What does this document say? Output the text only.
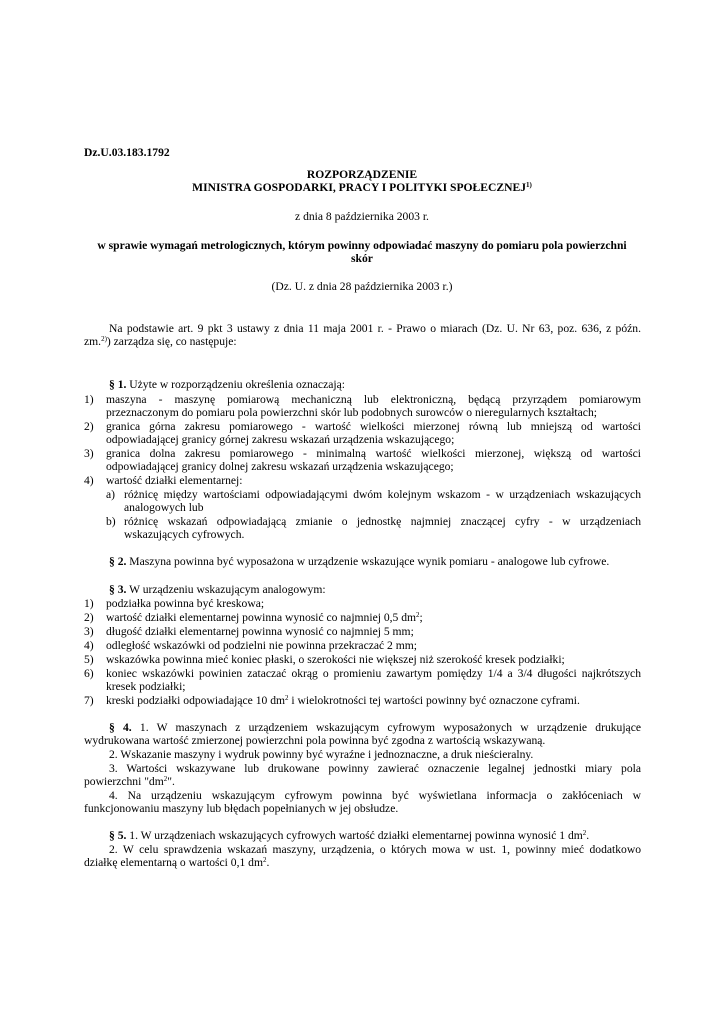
Dz.U.03.183.1792
ROZPORZĄDZENIE
MINISTRA GOSPODARKI, PRACY I POLITYKI SPOŁECZNEJ$^{1)}$
z dnia 8 października 2003 r.
w sprawie wymagań metrologicznych, którym powinny odpowiadać maszyny do pomiaru pola powierzchni
skór
(Dz. U. z dnia 28 października 2003 r.)
Na podstawie art. 9 pkt 3 ustawy z dnia 11 maja 2001 r. - Prawo o miarach (Dz. U. Nr 63, poz. 636, z późn.
zm.$^{2)}$) zarządza się, co następuje:
§ 1. Użyte w rozporządzeniu określenia oznaczają:
1) maszyna - maszynę pomiarową mechaniczną lub elektroniczną, będącą przyrządem pomiarowym
przeznaczonym do pomiaru pola powierzchni skór lub podobnych surowców o nieregularnych kształtach;
2) granica górna zakresu pomiarowego - wartość wielkości mierzonej równą lub mniejszą od wartości
odpowiadającej granicy górnej zakresu wskazań urządzenia wskazującego;
3) granica dolna zakresu pomiarowego - minimalną wartość wielkości mierzonej, większą od wartości
odpowiadającej granicy dolnej zakresu wskazań urządzenia wskazującego;
4) wartość działki elementarnej:
a) różnicę między wartościami odpowiadającymi dwóm kolejnym wskazom - w urządzeniach wskazujących
analogowych lub
b) różnicę wskazań odpowiadającą zmianie o jednostkę najmniej znaczącej cyfry - w urządzeniach
wskazujących cyfrowych.
§ 2. Maszyna powinna być wyposażona w urządzenie wskazujące wynik pomiaru - analogowe lub cyfrowe.
§ 3. W urządzeniu wskazującym analogowym:
1) podziałka powinna być kreskowa;
2) wartość działki elementarnej powinna wynosić co najmniej 0,5 $dm^2$;
3) długość działki elementarnej powinna wynosić co najmniej 5 mm;
4) odległość wskazówki od podzielni nie powinna przekraczać 2 mm;
5) wskazówka powinna mieć koniec płaski, o szerokości nie większej niż szerokość kresek podziałki;
6) koniec wskazówki powinien zataczać okrąg o promieniu zawartym pomiędzy 1/4 a 3/4 długości najkrótszych
kresek podziałki;
7) kreski podziałki odpowiadające 10 $dm^2$ i wielokrotności tej wartości powinny być oznaczone cyframi.
§ 4. 1. W maszynach z urządzeniem wskazującym cyfrowym wyposażonych w urządzenie drukujące
wydrukowana wartość zmierzonej powierzchni pola powinna być zgodna z wartością wskazywaną.
2. Wskazanie maszyny i wydruk powinny być wyraźne i jednoznaczne, a druk nieścieralny.
3. Wartości wskazywane lub drukowane powinny zawierać oznaczenie legalnej jednostki miary pola
powierzchni "$dm^2$".
4. Na urządzeniu wskazującym cyfrowym powinna być wyświetlana informacja o zakłóceniach w
funkcjonowaniu maszyny lub błędach popełnianych w jej obsłudze.
§ 5. 1. W urządzeniach wskazujących cyfrowych wartość działki elementarnej powinna wynosić 1 $dm^2$.
2. W celu sprawdzenia wskazań maszyny, urządzenia, o których mowa w ust. 1, powinny mieć dodatkowo
działkę elementarną o wartości 0,1 $dm^2$.
